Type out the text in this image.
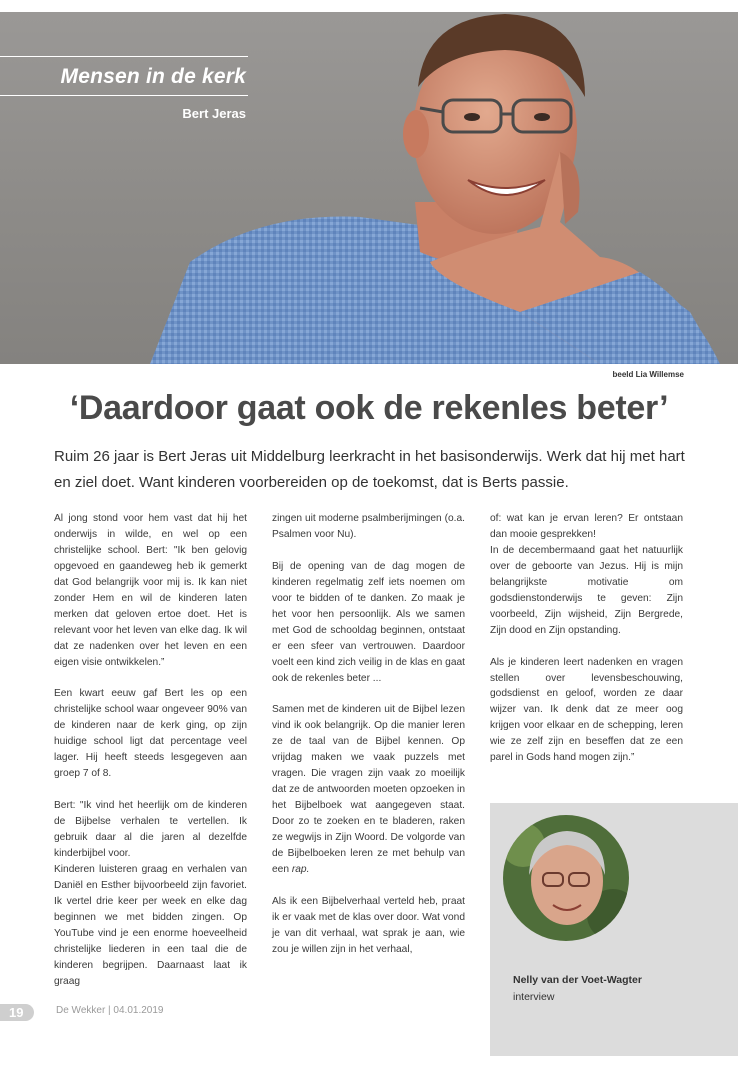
Mensen in de kerk
Bert Jeras
beeld Lia Willemse
‘Daardoor gaat ook de rekenles beter’

Ruim 26 jaar is Bert Jeras uit Middelburg leerkracht in het basisonderwijs. Werk dat hij met hart en ziel doet. Want kinderen voorbereiden op de toekomst, dat is Berts passie.

Al jong stond voor hem vast dat hij het onderwijs in wilde, en wel op een christelijke school. Bert: "Ik ben gelovig opgevoed en gaandeweg heb ik gemerkt dat God belangrijk voor mij is. Ik kan niet zonder Hem en wil de kinderen laten merken dat geloven ertoe doet. Het is relevant voor het leven van elke dag. Ik wil dat ze nadenken over het leven en een eigen visie ontwikkelen.”

Een kwart eeuw gaf Bert les op een christelijke school waar ongeveer 90% van de kinderen naar de kerk ging, op zijn huidige school ligt dat percentage veel lager. Hij heeft steeds lesgegeven aan groep 7 of 8.

Bert: "Ik vind het heerlijk om de kinderen de Bijbelse verhalen te vertellen. Ik gebruik daar al die jaren al dezelfde kinderbijbel voor.

Kinderen luisteren graag en verhalen van Daniël en Esther bijvoorbeeld zijn favoriet. Ik vertel drie keer per week en elke dag beginnen we met bidden zingen. Op YouTube vind je een enorme hoeveelheid christelijke liederen in een taal die de kinderen begrijpen. Daarnaast laat ik graag

zingen uit moderne psalmberijmingen (o.a. Psalmen voor Nu).

Bij de opening van de dag mogen de kinderen regelmatig zelf iets noemen om voor te bidden of te danken. Zo maak je het voor hen persoonlijk. Als we samen met God de schooldag beginnen, ontstaat er een sfeer van vertrouwen. Daardoor voelt een kind zich veilig in de klas en gaat ook de rekenles beter ...

Samen met de kinderen uit de Bijbel lezen vind ik ook belangrijk. Op die manier leren ze de taal van de Bijbel kennen. Op vrijdag maken we vaak puzzels met vragen. Die vragen zijn vaak zo moeilijk dat ze de antwoorden moeten opzoeken in het Bijbelboek wat aangegeven staat. Door zo te zoeken en te bladeren, raken ze wegwijs in Zijn Woord. De volgorde van de Bijbelboeken leren ze met behulp van een rap.

Als ik een Bijbelverhaal verteld heb, praat ik er vaak met de klas over door. Wat vond je van dit verhaal, wat sprak je aan, wie zou je willen zijn in het verhaal,

of: wat kan je ervan leren? Er ontstaan dan mooie gesprekken!

In de decembermaand gaat het natuurlijk over de geboorte van Jezus. Hij is mijn belangrijkste motivatie om godsdienstonderwijs te geven: Zijn voorbeeld, Zijn wijsheid, Zijn Bergrede, Zijn dood en Zijn opstanding.

Als je kinderen leert nadenken en vragen stellen over levensbeschouwing, godsdienst en geloof, worden ze daar wijzer van. Ik denk dat ze meer oog krijgen voor elkaar en de schepping, leren wie ze zelf zijn en beseffen dat ze een parel in Gods hand mogen zijn.”

Nelly van der Voet-Wagter
interview
19	De Wekker | 04.01.2019
